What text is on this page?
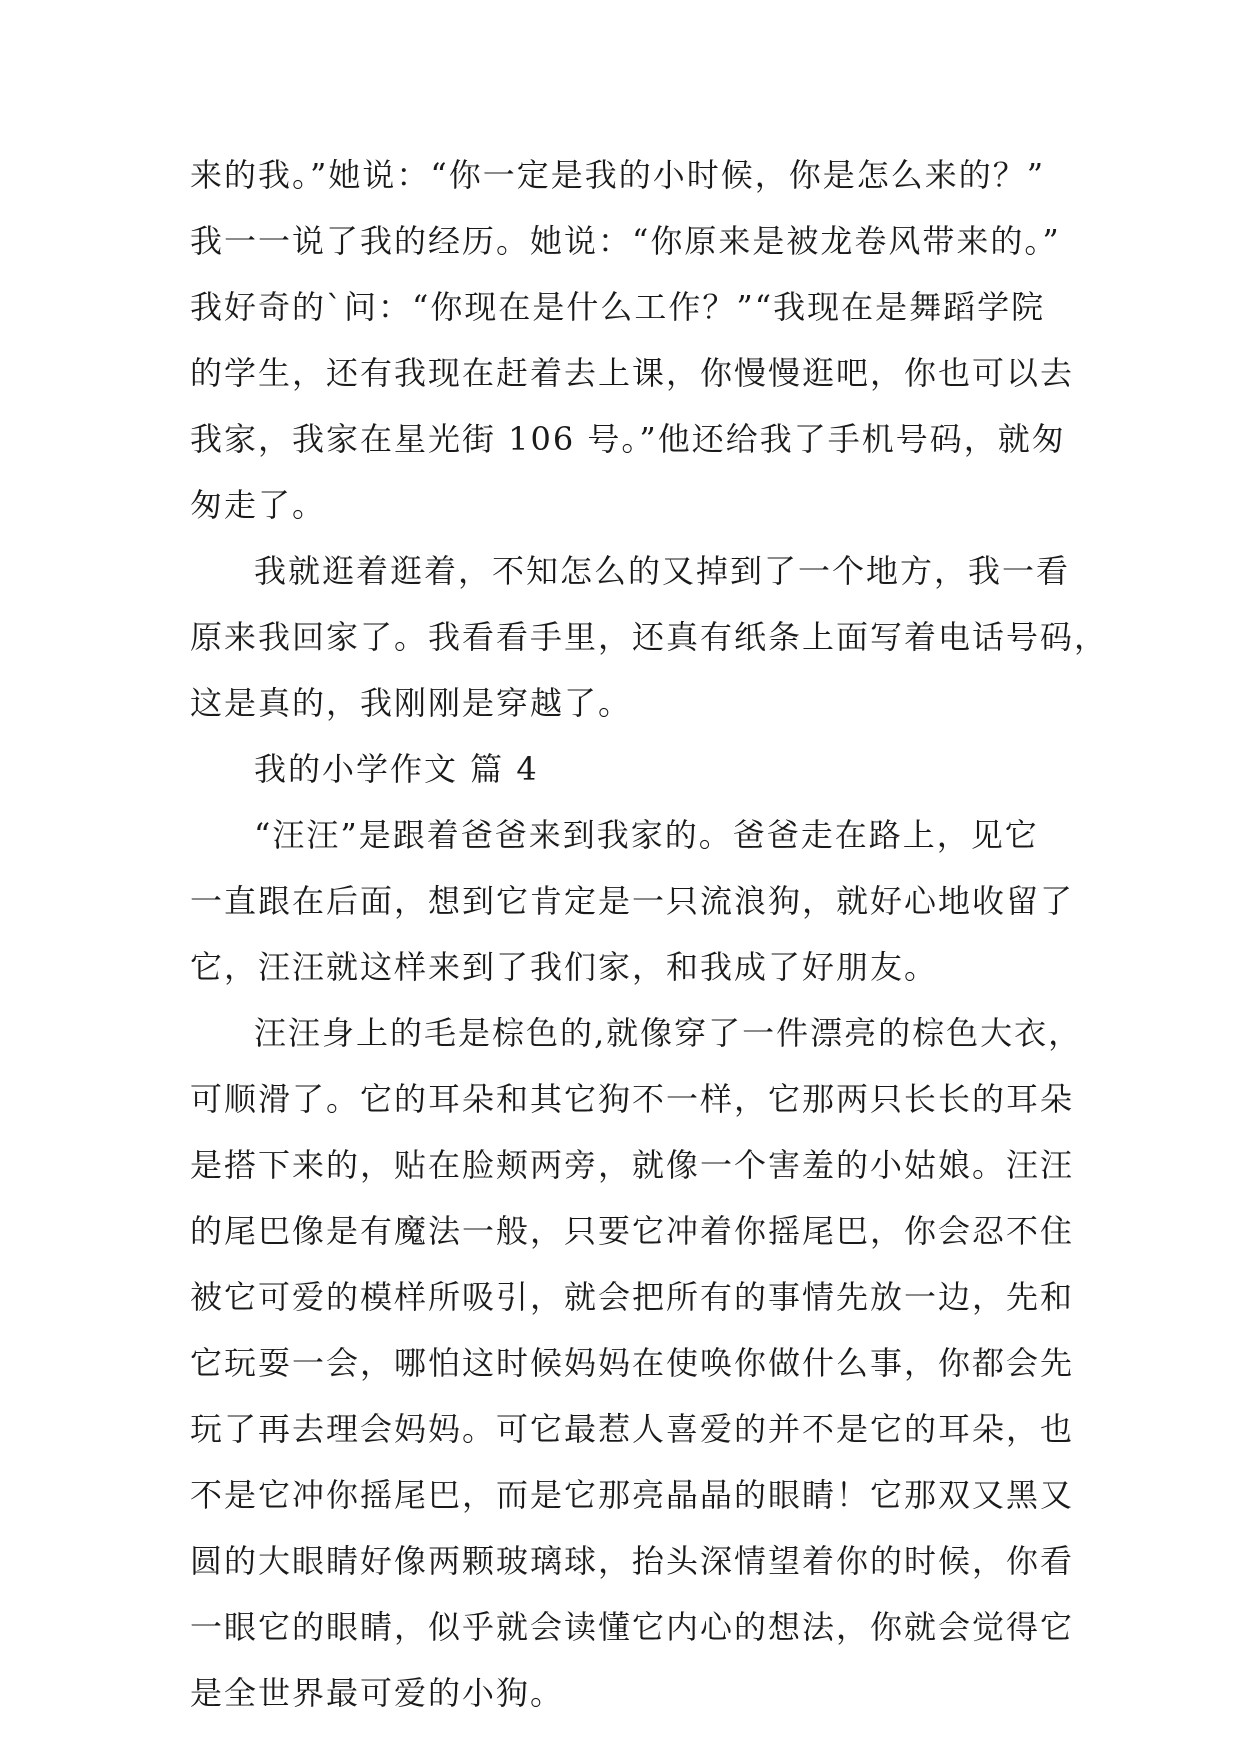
来的我。”她说：“你一定是我的小时候，你是怎么来的？”
我一一说了我的经历。她说：“你原来是被龙卷风带来的。”
我好奇的`问：“你现在是什么工作？”“我现在是舞蹈学院
的学生，还有我现在赶着去上课，你慢慢逛吧，你也可以去
我家，我家在星光街 106 号。”他还给我了手机号码，就匆
匆走了。
我就逛着逛着，不知怎么的又掉到了一个地方，我一看
原来我回家了。我看看手里，还真有纸条上面写着电话号码，
这是真的，我刚刚是穿越了。
我的小学作文 篇 4
“汪汪”是跟着爸爸来到我家的。爸爸走在路上，见它
一直跟在后面，想到它肯定是一只流浪狗，就好心地收留了
它，汪汪就这样来到了我们家，和我成了好朋友。
汪汪身上的毛是棕色的,就像穿了一件漂亮的棕色大衣，
可顺滑了。它的耳朵和其它狗不一样，它那两只长长的耳朵
是搭下来的，贴在脸颊两旁，就像一个害羞的小姑娘。汪汪
的尾巴像是有魔法一般，只要它冲着你摇尾巴，你会忍不住
被它可爱的模样所吸引，就会把所有的事情先放一边，先和
它玩耍一会，哪怕这时候妈妈在使唤你做什么事，你都会先
玩了再去理会妈妈。可它最惹人喜爱的并不是它的耳朵，也
不是它冲你摇尾巴，而是它那亮晶晶的眼睛！它那双又黑又
圆的大眼睛好像两颗玻璃球，抬头深情望着你的时候，你看
一眼它的眼睛，似乎就会读懂它内心的想法，你就会觉得它
是全世界最可爱的小狗。
